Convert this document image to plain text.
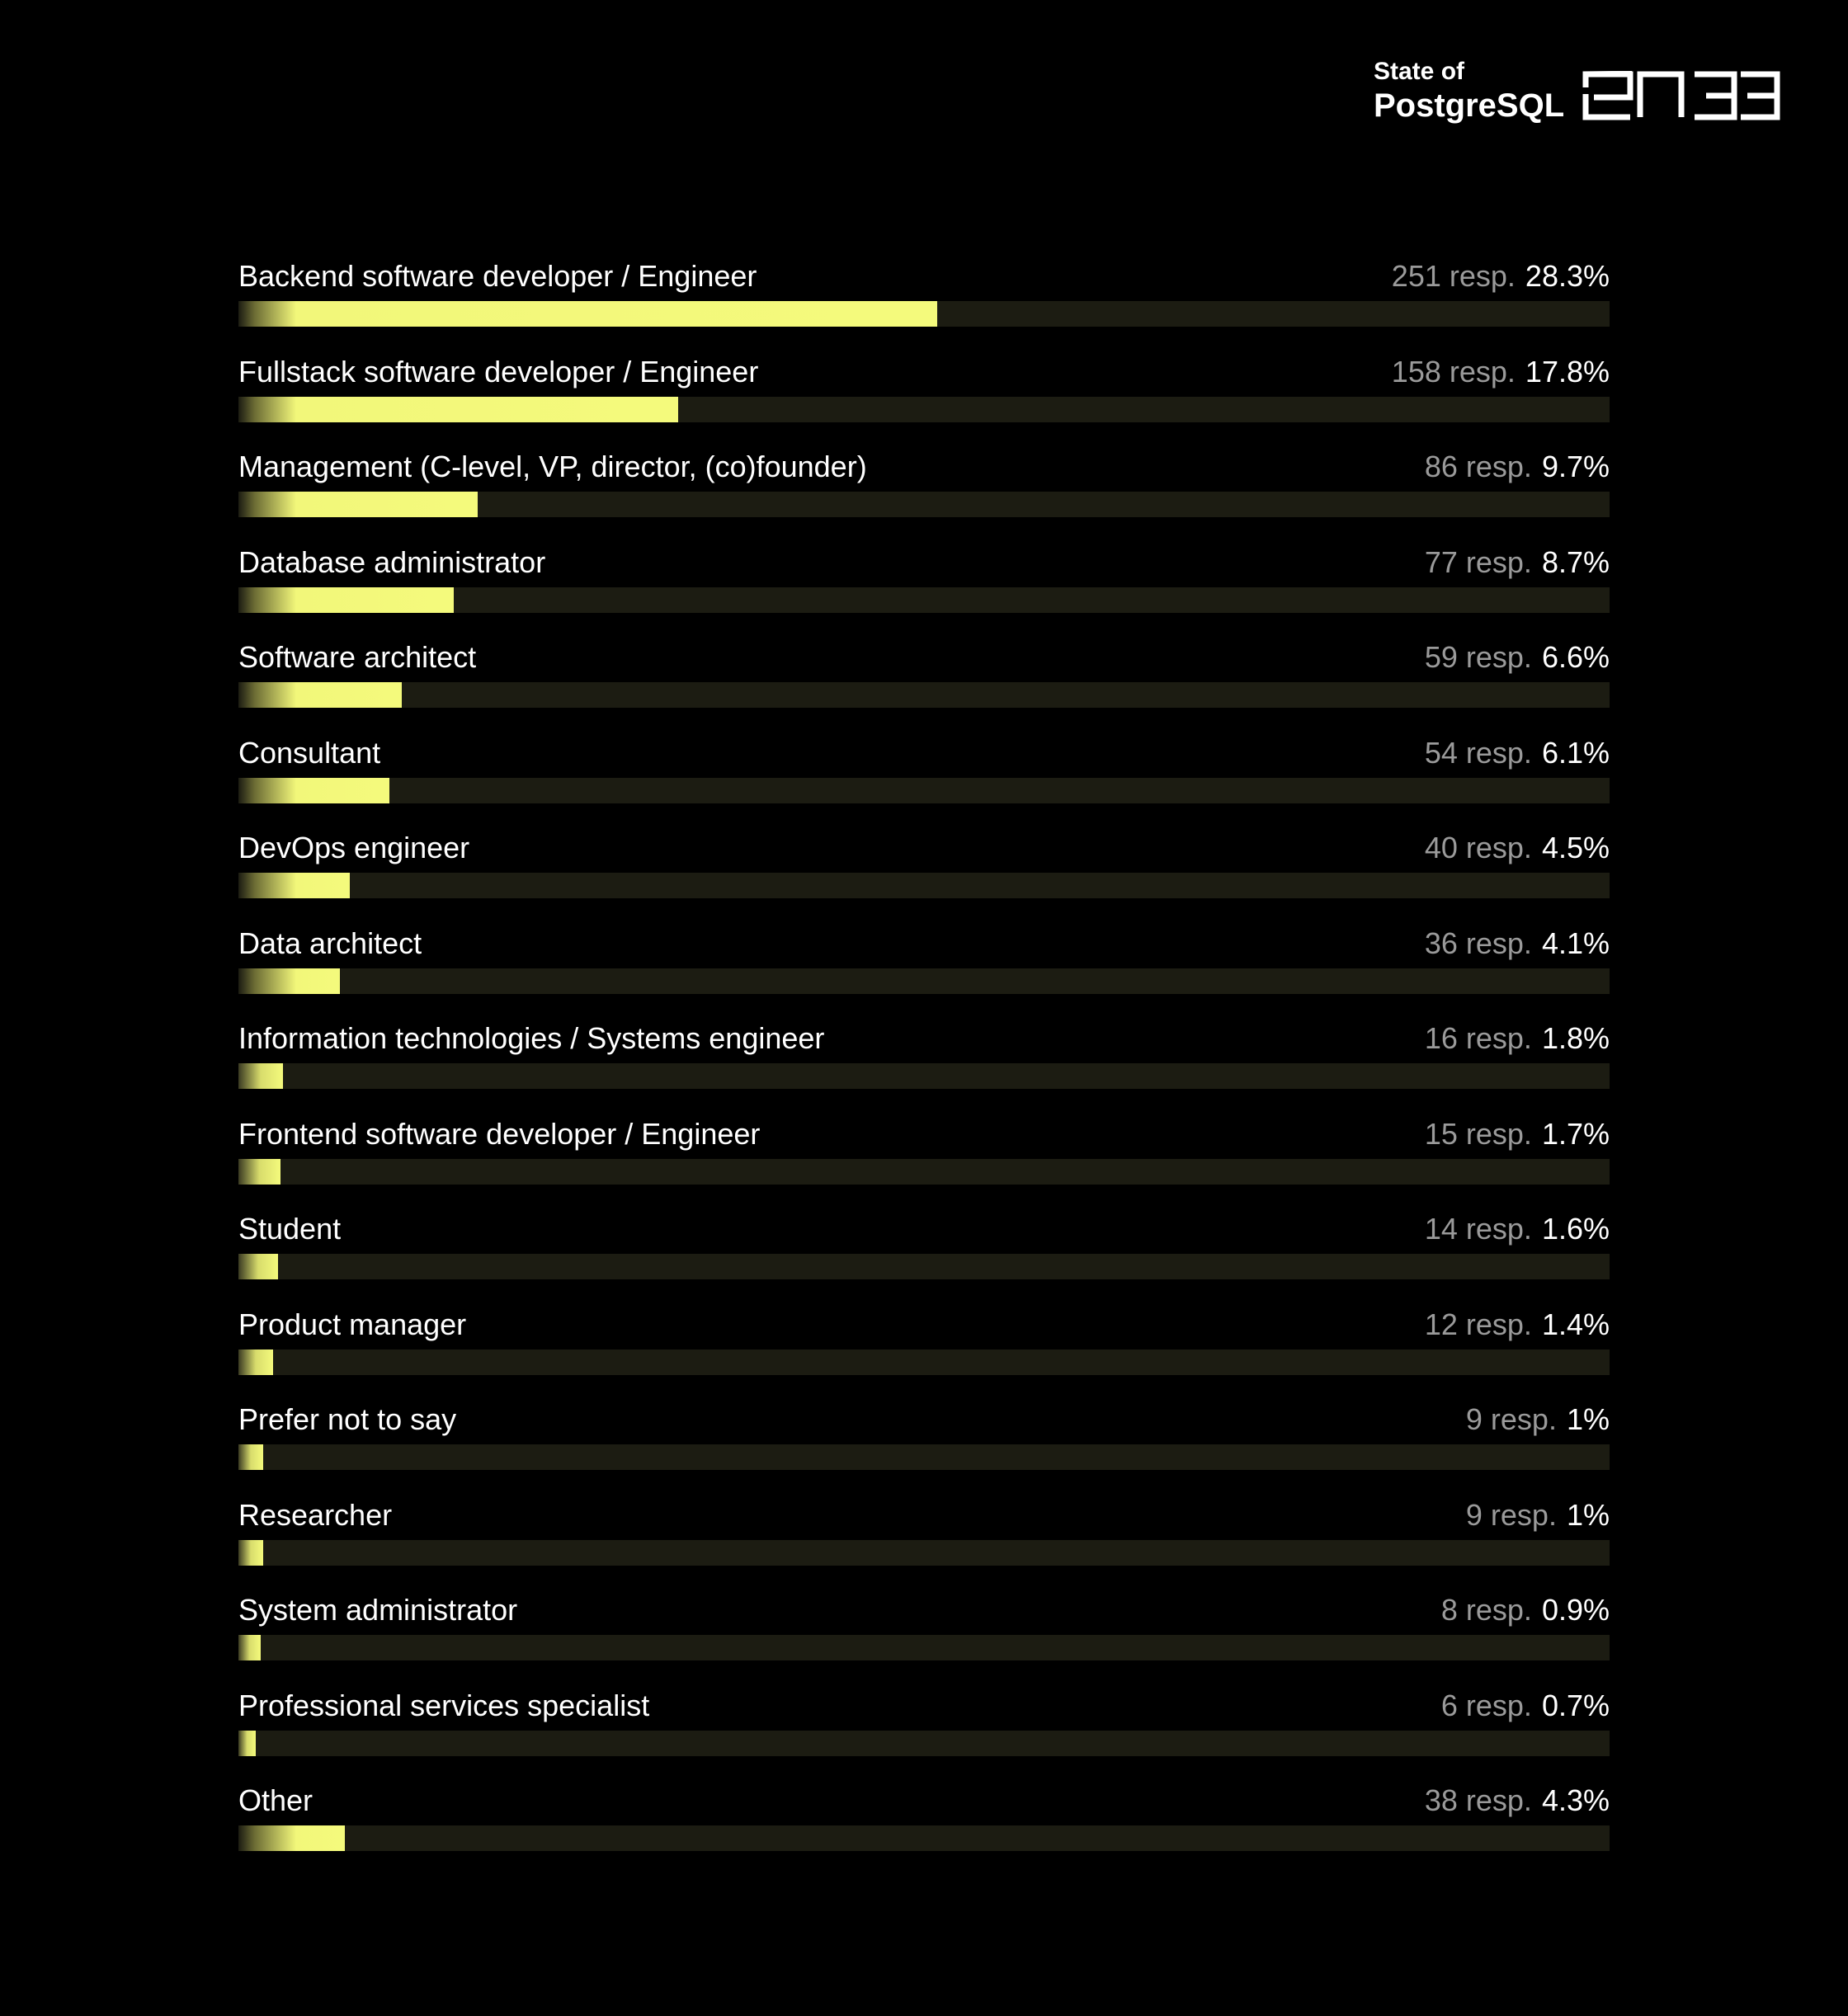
State of
PostgreSQL
Backend software developer / Engineer	251 resp. 28.3%
Fullstack software developer / Engineer	158 resp. 17.8%
Management (C-level, VP, director, (co)founder)	86 resp. 9.7%
Database administrator	77 resp. 8.7%
Software architect	59 resp. 6.6%
Consultant	54 resp. 6.1%
DevOps engineer	40 resp. 4.5%
Data architect	36 resp. 4.1%
Information technologies / Systems engineer	16 resp. 1.8%
Frontend software developer / Engineer	15 resp. 1.7%
Student	14 resp. 1.6%
Product manager	12 resp. 1.4%
Prefer not to say	9 resp. 1%
Researcher	9 resp. 1%
System administrator	8 resp. 0.9%
Professional services specialist	6 resp. 0.7%
Other	38 resp. 4.3%
